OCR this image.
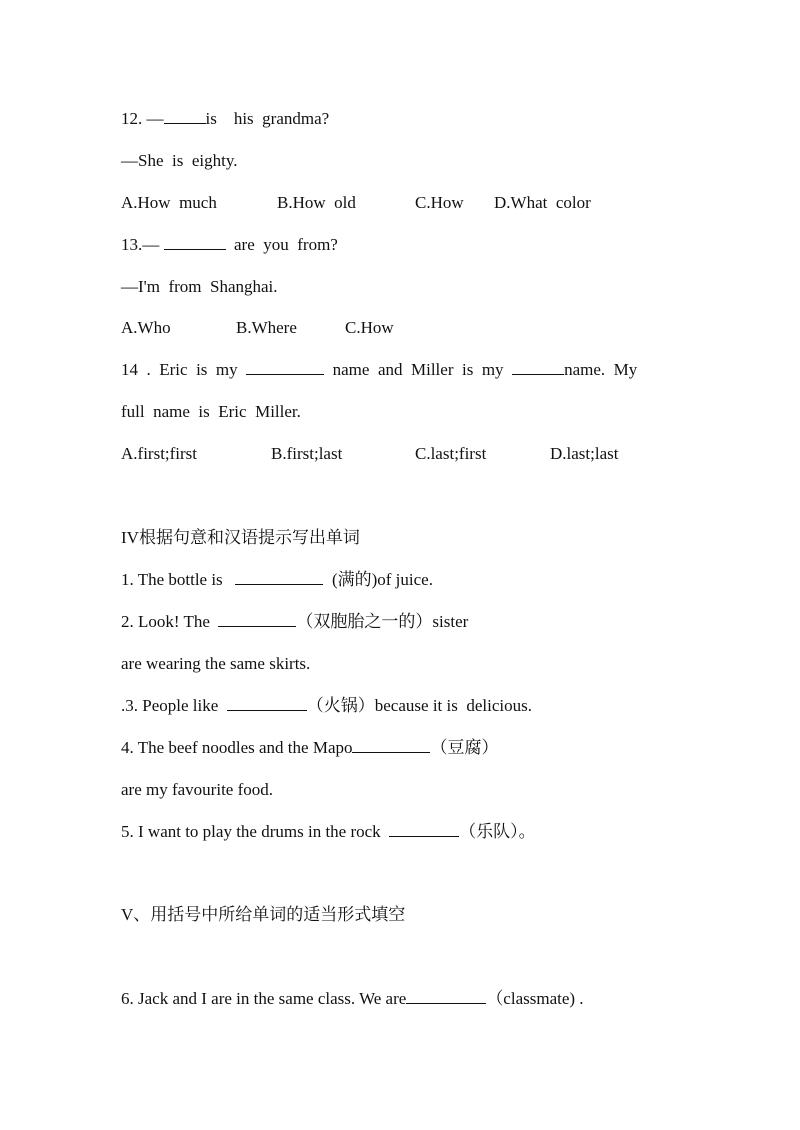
12. — is    his  grandma?
—She  is  eighty.
A.How  much	B.How  old	C.How D.What  color
13.—	are  you  from?
—I'm  from  Shanghai.
A.Who	B.Where	C.How
14  .  Eric  is  my	name  and  Miller  is  my	name.  My
full  name  is  Eric  Miller.
A.first;first	B.first;last	C.last;first	D.last;last
IV根据句意和汉语提示写出单词
1. The bottle is	(满的)of juice.
2. Look! The	（双胞胎之一的）sister
are wearing the same skirts.
.3. People like	（火锅）because it is  delicious.
4. The beef noodles and the Mapo	（豆腐）
are my favourite food.
5. I want to play the drums in the rock	（乐队）。
V、用括号中所给单词的适当形式填空
6. Jack and I are in the same class. We are	（classmate) .
